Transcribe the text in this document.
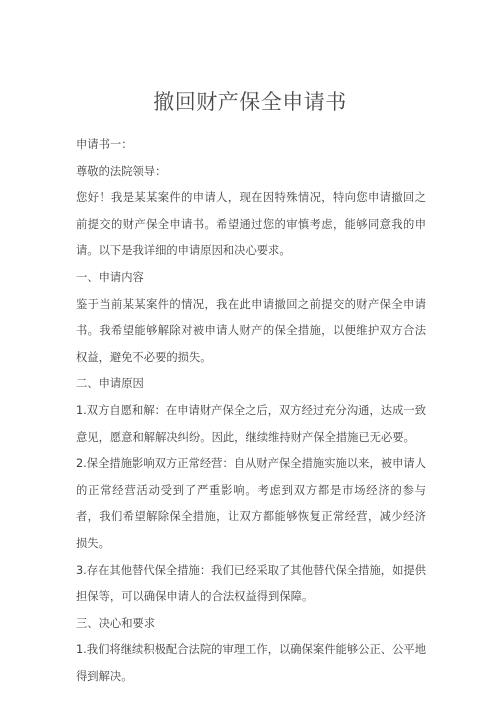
撤回财产保全申请书

申请书一：

尊敬的法院领导：

您好！我是某某案件的申请人，现在因特殊情况，特向您申请撤回之前提交的财产保全申请书。希望通过您的审慎考虑，能够同意我的申请。以下是我详细的申请原因和决心要求。

一、申请内容

鉴于当前某某案件的情况，我在此申请撤回之前提交的财产保全申请书。我希望能够解除对被申请人财产的保全措施，以便维护双方合法权益，避免不必要的损失。

二、申请原因

1.双方自愿和解：在申请财产保全之后，双方经过充分沟通，达成一致意见，愿意和解解决纠纷。因此，继续维持财产保全措施已无必要。

2.保全措施影响双方正常经营：自从财产保全措施实施以来，被申请人的正常经营活动受到了严重影响。考虑到双方都是市场经济的参与者，我们希望解除保全措施，让双方都能够恢复正常经营，减少经济损失。

3.存在其他替代保全措施：我们已经采取了其他替代保全措施，如提供担保等，可以确保申请人的合法权益得到保障。

三、决心和要求

1.我们将继续积极配合法院的审理工作，以确保案件能够公正、公平地得到解决。
